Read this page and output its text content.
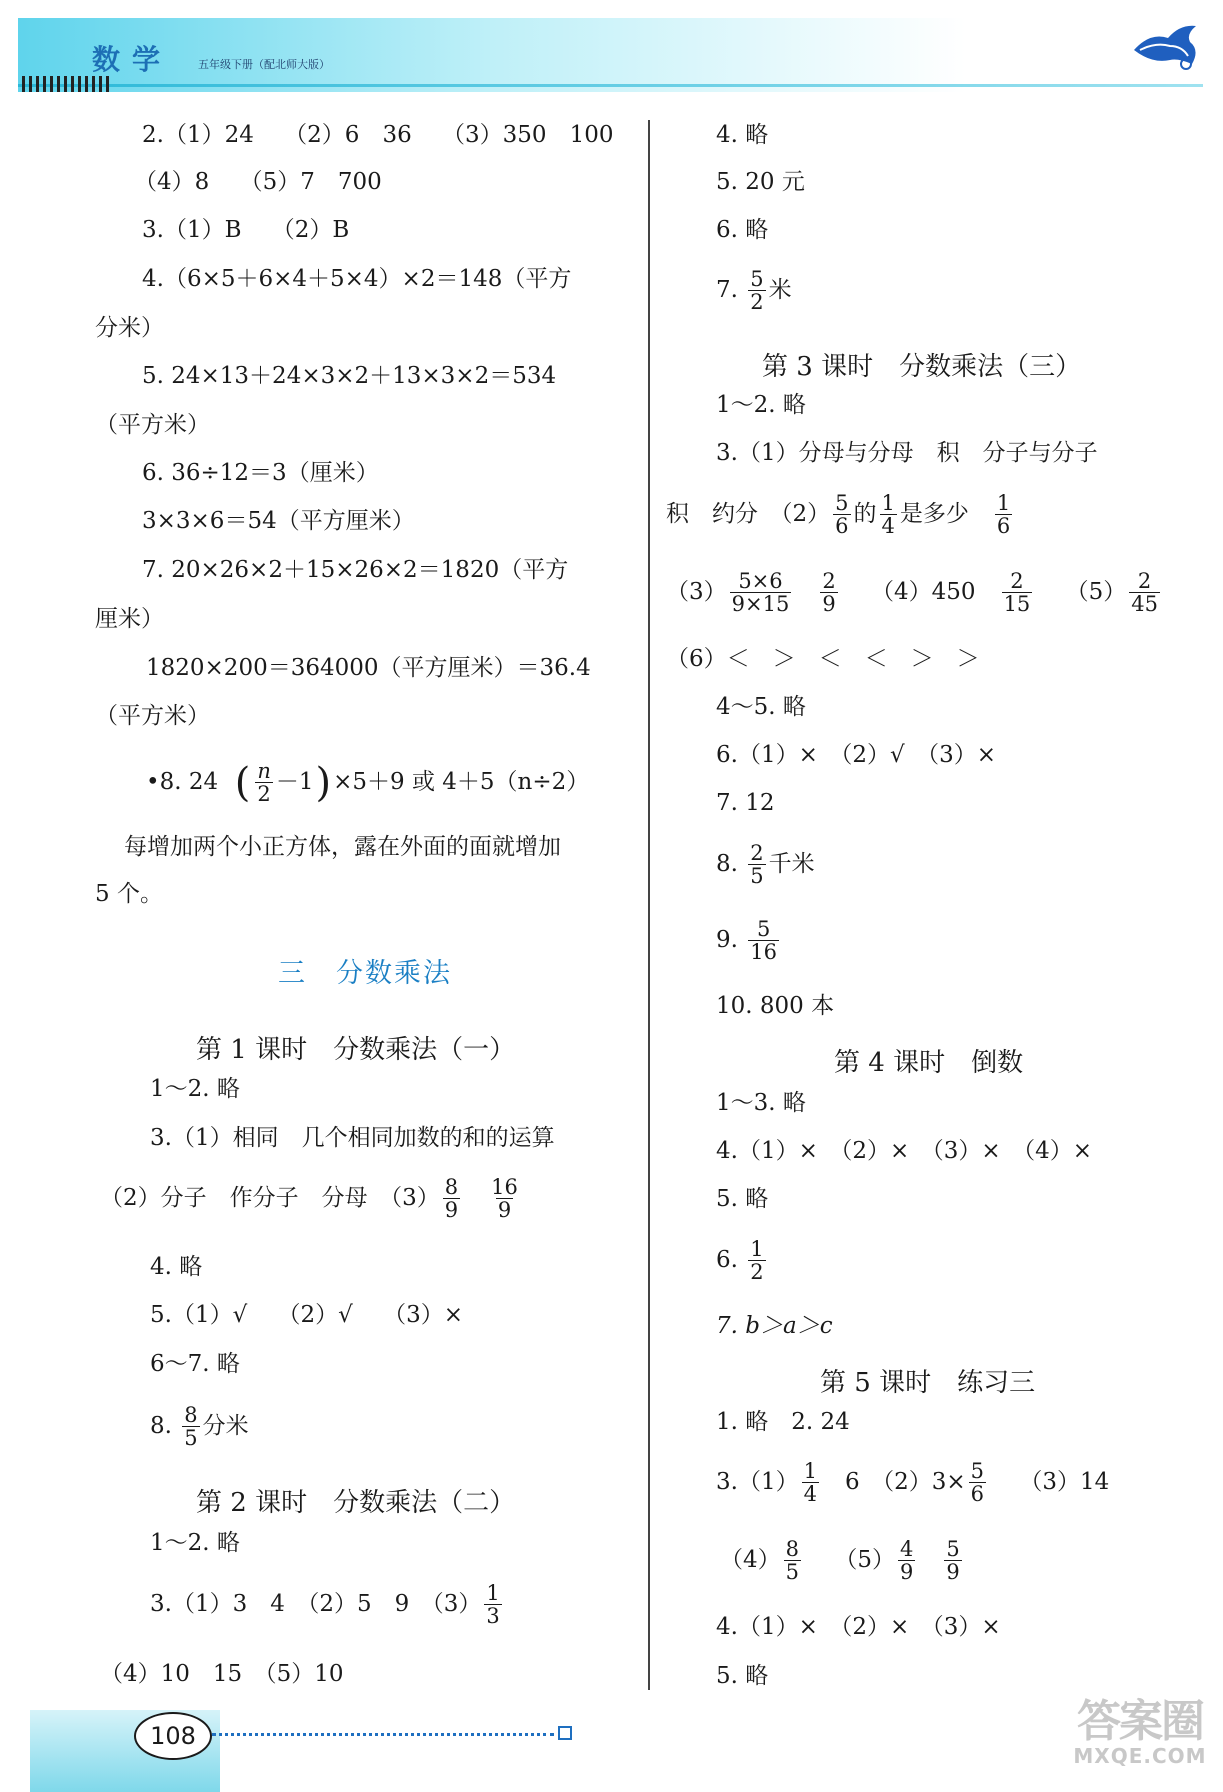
数学 五年级下册（配北师大版）
2.（1）24
　 （2）6　36
　 （3）350　100
（4）8
　 （5）7　700
3.（1）B
　 （2）B
4.（6×5＋6×4＋5×4）×2＝148（平方
分米）
5. 24×13＋24×3×2＋13×3×2＝534
（平方米）
6. 36÷12＝3（厘米）
3×3×6＝54（平方厘米）
7. 20×26×2＋15×26×2＝1820（平方
厘米）
1820×200＝364000（平方厘米）＝36.4
（平方米）
•8. 24
( $\frac{n}{2} -1$ ) ×5＋9 或 4＋5（n÷2）
每增加两个小正方体，露在外面的面就增加
5 个。
三　分数乘法
第 1 课时　分数乘法（一）
1～2. 略
3.（1）相同　几个相同加数的和的运算
（2）分子　作分子　分母　$(3) \frac{8}{9}$
　 $\frac{16}{9}$
4. 略
5.（1）√
　 （2）√
　 （3）×
6～7. 略
8.
$\frac{8}{5}$ 分米
第 2 课时　分数乘法（二）
1～2. 略
3.（1）3　4　（2）5　9　$(3) \frac{1}{3}$
（4）10　15　（5）10
4. 略
5. 20 元
6. 略
7.
$\frac{5}{2}$ 米
第 3 课时　分数乘法（三）
1～2. 略
3.（1）分母与分母　积　分子与分子
积　约分　$(2) \frac{5}{6}$ 的 $\frac{1}{4}$ 是多少
　 $\frac{1}{6}$
$(3) \frac{5\times 6}{9\times 15}$
　 $\frac{2}{9}$
　 （4）450
　 $\frac{2}{15}$
　 $(5) \frac{2}{45}$
（6）＜　＞　＜　＜　＞　＞
4～5. 略
6.（1）×　（2）√　（3）×
7. 12
8.
$\frac{2}{5}$ 千米
9.
$\frac{5}{16}$
10. 800 本
第 4 课时　倒数
1～3. 略
4.（1）×　（2）×　（3）×　（4）×
5. 略
6.
$\frac{1}{2}$
7. b＞a＞c
第 5 课时　练习三
1. 略　2. 24
$3.(1) \frac{1}{4}$
　 6　$(2)3\times \frac{5}{6}$
　 （3）14
$(4) \frac{8}{5}$
　 $(5) \frac{4}{9}$
　 $\frac{5}{9}$
4.（1）×　（2）×　（3）×
5. 略
108	答案圈
MXQE.COM
